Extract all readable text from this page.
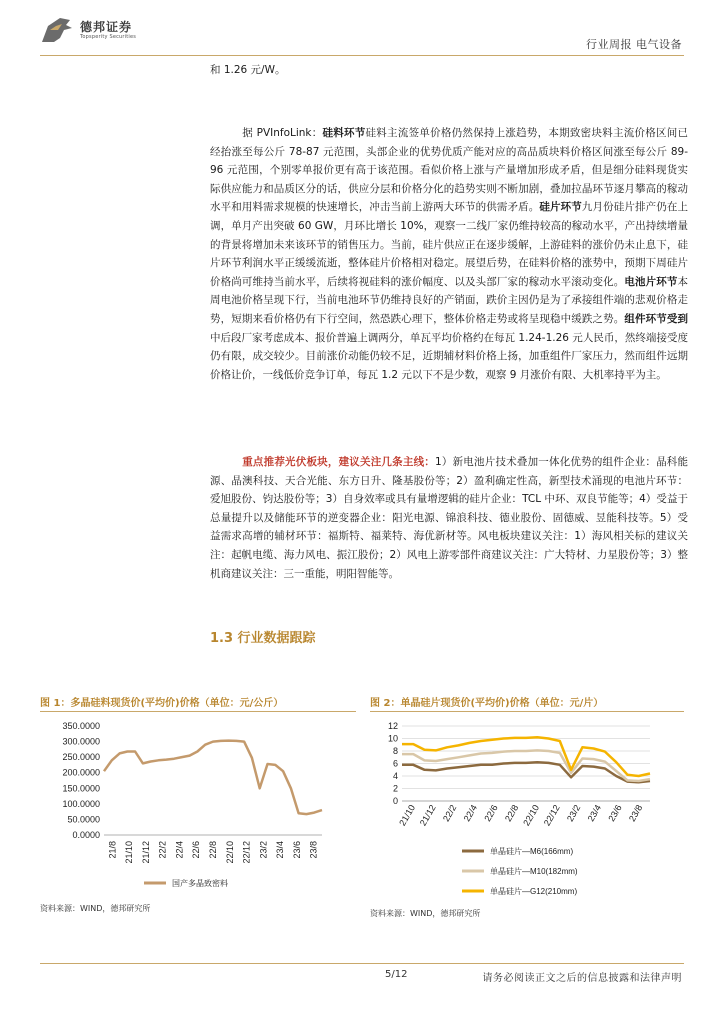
德邦证券
Topsperity Securities
行业周报 电气设备
和 1.26 元/W。
据 PVInfoLink：硅料环节硅料主流签单价格仍然保持上涨趋势，本期致密块料主流价格区间已经抬涨至每公斤 78-87 元范围，头部企业的优势优质产能对应的高品质块料价格区间涨至每公斤 89-96 元范围，个别零单报价更有高于该范围。看似价格上涨与产量增加形成矛盾，但是细分硅料现货实际供应能力和品质区分的话，供应分层和价格分化的趋势实则不断加剧，叠加拉晶环节逐月攀高的稼动水平和用料需求规模的快速增长，冲击当前上游两大环节的供需矛盾。硅片环节九月份硅片排产仍在上调，单月产出突破 60 GW，月环比增长 10%，观察一二线厂家仍维持较高的稼动水平，产出持续增量的背景将增加未来该环节的销售压力。当前，硅片供应正在逐步缓解，上游硅料的涨价仍未止息下，硅片环节利润水平正缓缓流逝，整体硅片价格相对稳定。展望后势，在硅料价格的涨势中，预期下周硅片价格尚可维持当前水平，后续将视硅料的涨价幅度、以及头部厂家的稼动水平滚动变化。电池片环节本周电池价格呈现下行，当前电池环节仍维持良好的产销面，跌价主因仍是为了承接组件端的悲观价格走势，短期来看价格仍有下行空间，然恐跌心理下，整体价格走势或将呈现稳中缓跌之势。组件环节受到中后段厂家考虑成本、报价普遍上调两分，单瓦平均价格约在每瓦 1.24-1.26 元人民币，然终端接受度仍有限，成交较少。目前涨价动能仍较不足，近期辅材料价格上扬，加重组件厂家压力，然而组件远期价格让价，一线低价竞争订单，每瓦 1.2 元以下不是少数，观察 9 月涨价有限、大机率持平为主。
重点推荐光伏板块，建议关注几条主线：1）新电池片技术叠加一体化优势的组件企业：晶科能源、晶澳科技、天合光能、东方日升、隆基股份等；2）盈利确定性高，新型技术涌现的电池片环节：爱旭股份、钧达股份等；3）自身效率或具有量增逻辑的硅片企业：TCL 中环、双良节能等；4）受益于总量提升以及储能环节的逆变器企业：阳光电源、锦浪科技、德业股份、固德威、昱能科技等。5）受益需求高增的辅材环节：福斯特、福莱特、海优新材等。风电板块建议关注：1）海风相关标的建议关注：起帆电缆、海力风电、振江股份；2）风电上游零部件商建议关注：广大特材、力星股份等；3）整机商建议关注：三一重能，明阳智能等。
1.3 行业数据跟踪
图 1：多晶硅料现货价(平均价)价格（单位：元/公斤）	图 2：单晶硅片现货价(平均价)价格（单位：元/片）
350.0000
300.0000
250.0000
200.0000
150.0000
100.0000
50.0000
0.0000
21/8 21/10 21/12 22/2 22/4 22/6 22/8 22/10 22/12 23/2 23/4 23/6 23/8
国产多晶致密料
12
10
8
6
4
2
0
21/10 21/12 22/2 22/4 22/6 22/8 22/10 22/12 23/2 23/4 23/6 23/8
单晶硅片—M6(166mm)
单晶硅片—M10(182mm)
单晶硅片—G12(210mm)
资料来源：WIND，德邦研究所
资料来源：WIND，德邦研究所
5/12	请务必阅读正文之后的信息披露和法律声明
